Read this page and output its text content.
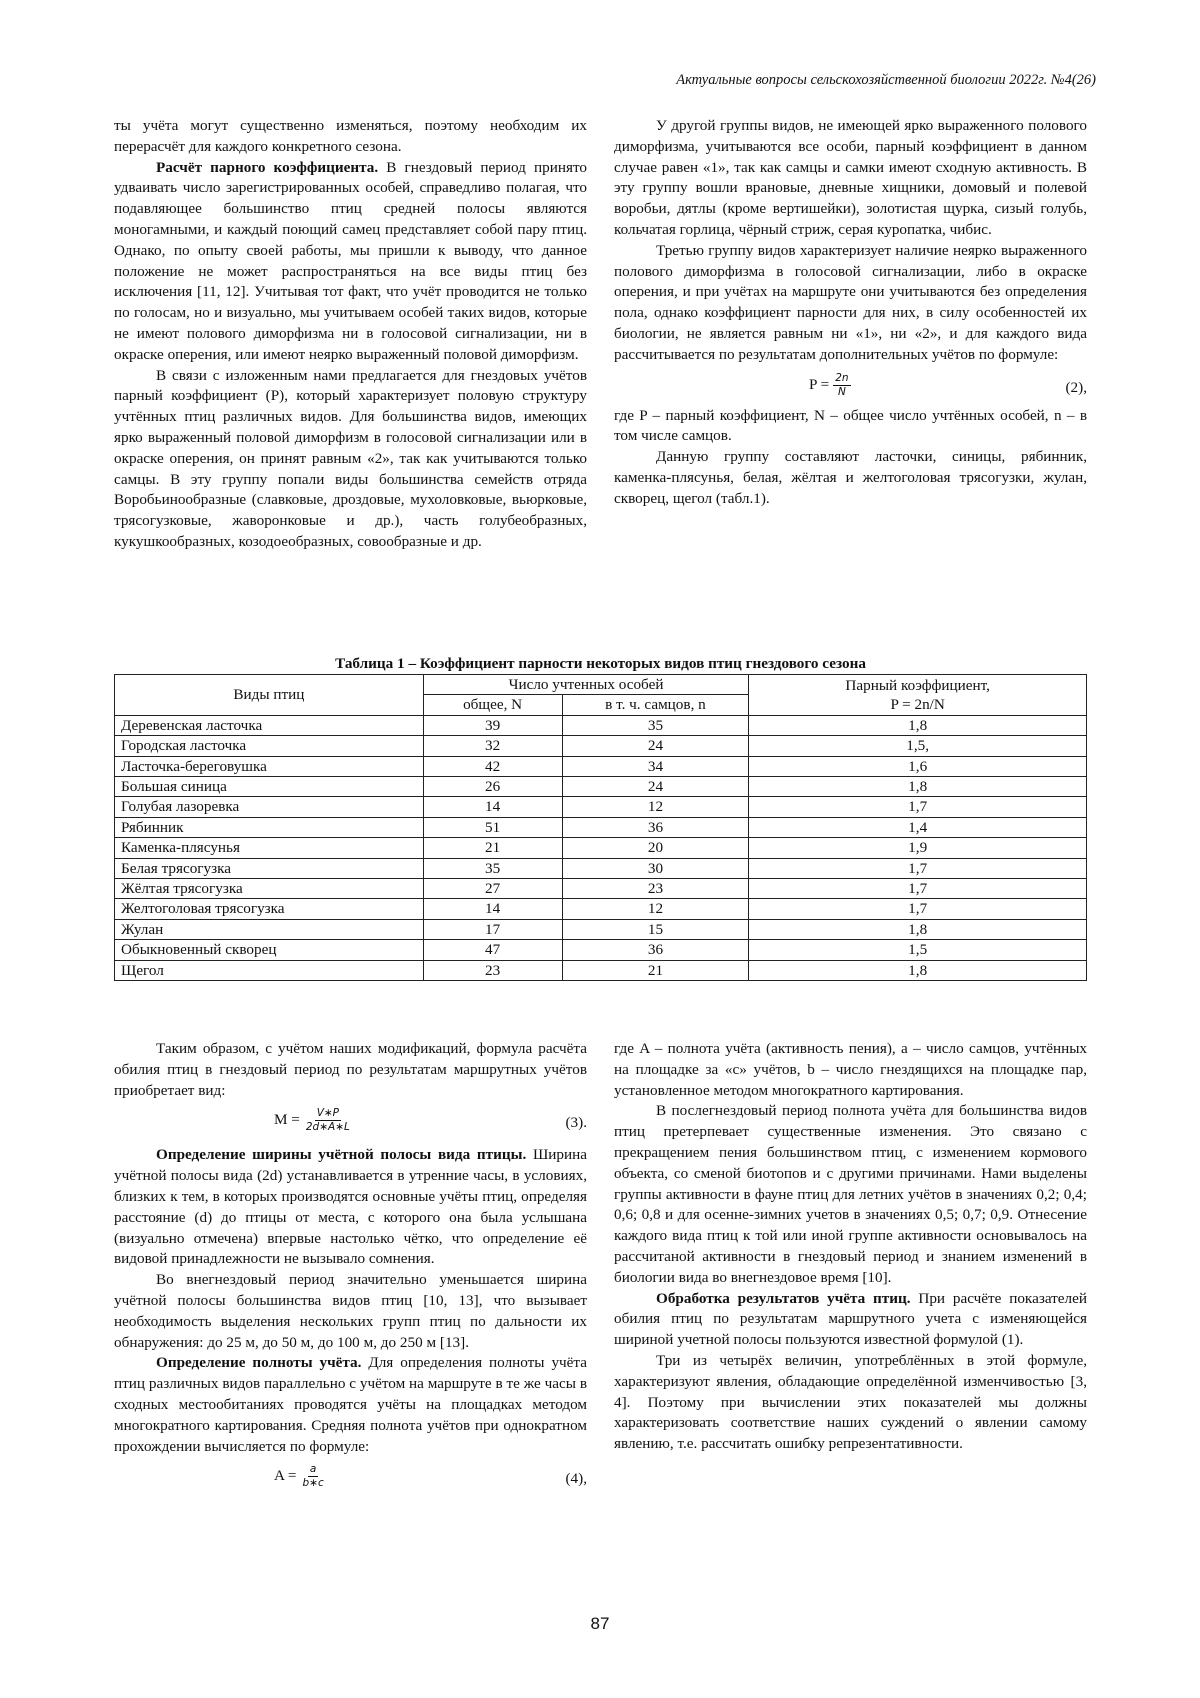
Актуальные вопросы сельскохозяйственной биологии 2022г. №4(26)

ты учёта могут существенно изменяться, поэтому необходим их перерасчёт для каждого конкретного сезона.

Расчёт парного коэффициента. В гнездовый период принято удваивать число зарегистрированных особей, справедливо полагая, что подавляющее большинство птиц средней полосы являются моногамными, и каждый поющий самец представляет собой пару птиц. Однако, по опыту своей работы, мы пришли к выводу, что данное положение не может распространяться на все виды птиц без исключения [11, 12]. Учитывая тот факт, что учёт проводится не только по голосам, но и визуально, мы учитываем особей таких видов, которые не имеют полового диморфизма ни в голосовой сигнализации, ни в окраске оперения, или имеют неярко выраженный половой диморфизм.

В связи с изложенным нами предлагается для гнездовых учётов парный коэффициент (P), который характеризует половую структуру учтённых птиц различных видов. Для большинства видов, имеющих ярко выраженный половой диморфизм в голосовой сигнализации или в окраске оперения, он принят равным «2», так как учитываются только самцы. В эту группу попали виды большинства семейств отряда Воробьинообразные (славковые, дроздовые, мухоловковые, вьюрковые, трясогузковые, жаворонковые и др.), часть голубеобразных, кукушкообразных, козодоеобразных, совообразные и др.

У другой группы видов, не имеющей ярко выраженного полового диморфизма, учитываются все особи, парный коэффициент в данном случае равен «1», так как самцы и самки имеют сходную активность. В эту группу вошли врановые, дневные хищники, домовый и полевой воробьи, дятлы (кроме вертишейки), золотистая щурка, сизый голубь, кольчатая горлица, чёрный стриж, серая куропатка, чибис.

Третью группу видов характеризует наличие неярко выраженного полового диморфизма в голосовой сигнализации, либо в окраске оперения, и при учётах на маршруте они учитываются без определения пола, однако коэффициент парности для них, в силу особенностей их биологии, не является равным ни «1», ни «2», и для каждого вида рассчитывается по результатам дополнительных учётов по формуле:

$P = \frac{2n}{N}$	(2),

где P – парный коэффициент, N – общее число учтённых особей, n – в том числе самцов.

Данную группу составляют ласточки, синицы, рябинник, каменка-плясунья, белая, жёлтая и желтоголовая трясогузки, жулан, скворец, щегол (табл.1).

Таблица 1 – Коэффициент парности некоторых видов птиц гнездового сезона
Виды птиц	Число учтенных особей		Парный коэффициент,
P = 2n/N
	общее, N	в т. ч. самцов, n	
Деревенская ласточка	39	35	1,8
Городская ласточка	32	24	1,5,
Ласточка-береговушка	42	34	1,6
Большая синица	26	24	1,8
Голубая лазоревка	14	12	1,7
Рябинник	51	36	1,4
Каменка-плясунья	21	20	1,9
Белая трясогузка	35	30	1,7
Жёлтая трясогузка	27	23	1,7
Желтоголовая трясогузка	14	12	1,7
Жулан	17	15	1,8
Обыкновенный скворец	47	36	1,5
Щегол	23	21	1,8

Таким образом, с учётом наших модификаций, формула расчёта обилия птиц в гнездовый период по результатам маршрутных учётов приобретает вид:

$M = \frac{V∗P}{2d∗A∗L}$	(3).

Определение ширины учётной полосы вида птицы. Ширина учётной полосы вида (2d) устанавливается в утренние часы, в условиях, близких к тем, в которых производятся основные учёты птиц, определяя расстояние (d) до птицы от места, с которого она была услышана (визуально отмечена) впервые настолько чётко, что определение её видовой принадлежности не вызывало сомнения.

Во внегнездовый период значительно уменьшается ширина учётной полосы большинства видов птиц [10, 13], что вызывает необходимость выделения нескольких групп птиц по дальности их обнаружения: до 25 м, до 50 м, до 100 м, до 250 м [13].

Определение полноты учёта. Для определения полноты учёта птиц различных видов параллельно с учётом на маршруте в те же часы в сходных местообитаниях проводятся учёты на площадках методом многократного картирования. Средняя полнота учётов при однократном прохождении вычисляется по формуле:

$A = \frac{a}{b∗c}$	(4),

где A – полнота учёта (активность пения), a – число самцов, учтённых на площадке за «с» учётов, b – число гнездящихся на площадке пар, установленное методом многократного картирования.

В послегнездовый период полнота учёта для большинства видов птиц претерпевает существенные изменения. Это связано с прекращением пения большинством птиц, с изменением кормового объекта, со сменой биотопов и с другими причинами. Нами выделены группы активности в фауне птиц для летних учётов в значениях 0,2; 0,4; 0,6; 0,8 и для осенне-зимних учетов в значениях 0,5; 0,7; 0,9. Отнесение каждого вида птиц к той или иной группе активности основывалось на рассчитаной активности в гнездовый период и знанием изменений в биологии вида во внегнездовое время [10].

Обработка результатов учёта птиц. При расчёте показателей обилия птиц по результатам маршрутного учета с изменяющейся шириной учетной полосы пользуются известной формулой (1).

Три из четырёх величин, употреблённых в этой формуле, характеризуют явления, обладающие определённой изменчивостью [3, 4]. Поэтому при вычислении этих показателей мы должны характеризовать соответствие наших суждений о явлении самому явлению, т.е. рассчитать ошибку репрезентативности.

87
